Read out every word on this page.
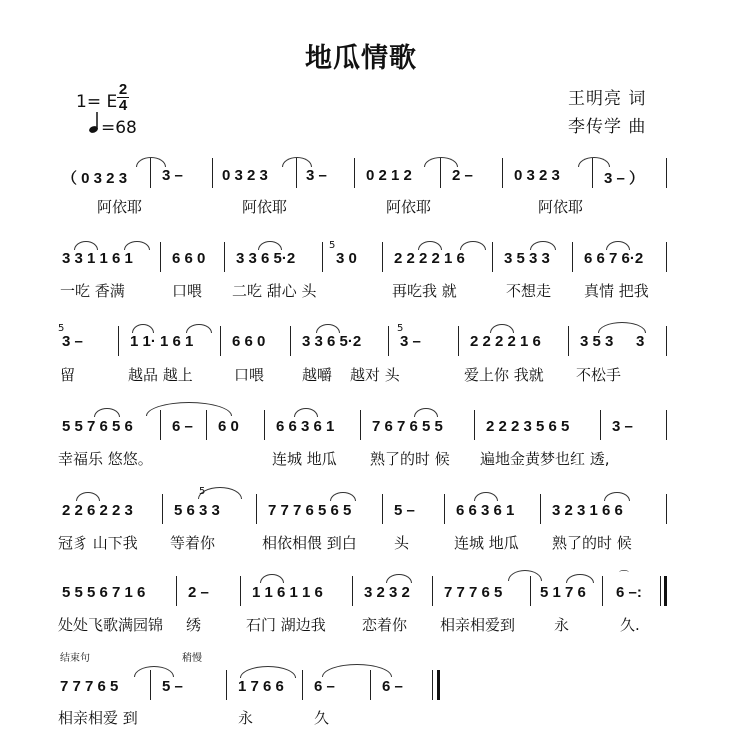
地瓜情歌
1= E
2
4
=68
王明亮 词
李传学 曲
（ 0 3 2 3 3 –	0 3 2 3	3 –	0 2 1 2	2 –	0 3 2 3	3 – ）
阿依耶	阿依耶	阿依耶	阿依耶
3 3 1 1 6 1	6 6 0 3 3 6 5·2	3 0 2 2 2 2 1 6	3 5 3 3 6 6 7 6·2
5
一吃 香满	口喂 二吃 甜心 头	再吃我 就	不想走 真情 把我
3 –	1 1· 1 6 1	6 6 0 3 3 6 5·2	3 –	2 2 2 2 1 6	3 5 3 3
5	5
留	越品 越上	口喂	越嚼 越对 头	爱上你 我就 不松手
5 5 7 6 5 6	6 – 6 0 6 6 3 6 1	7 6 7 6 5 5	2 2 2 3 5 6 5	3 –
幸福乐 悠悠。	连城 地瓜 熟了的时 候 遍地金黄梦也红 透,
2 2 6 2 2 3	5 6 3 3	7 7 7 6 5 6 5	5 –	6 6 3 6 1	3 2 3 1 6 6
5
冠豸 山下我 等着你	相依相偎 到白 头	连城 地瓜 熟了的时 候
5 5 5 6 7 1 6	2 –	1 1 6 1 1 6	3 2 3 2 7 7 7 6 5	5 1 7 6 6 –:
⌒
处处飞歌满园锦 绣	石门 湖边我 恋着你 相亲相爱到	永	久.
结束句	稍慢
7 7 7 6 5	5 –	1 7 6 6 6 –	6 –
相亲相爱 到	永	久
